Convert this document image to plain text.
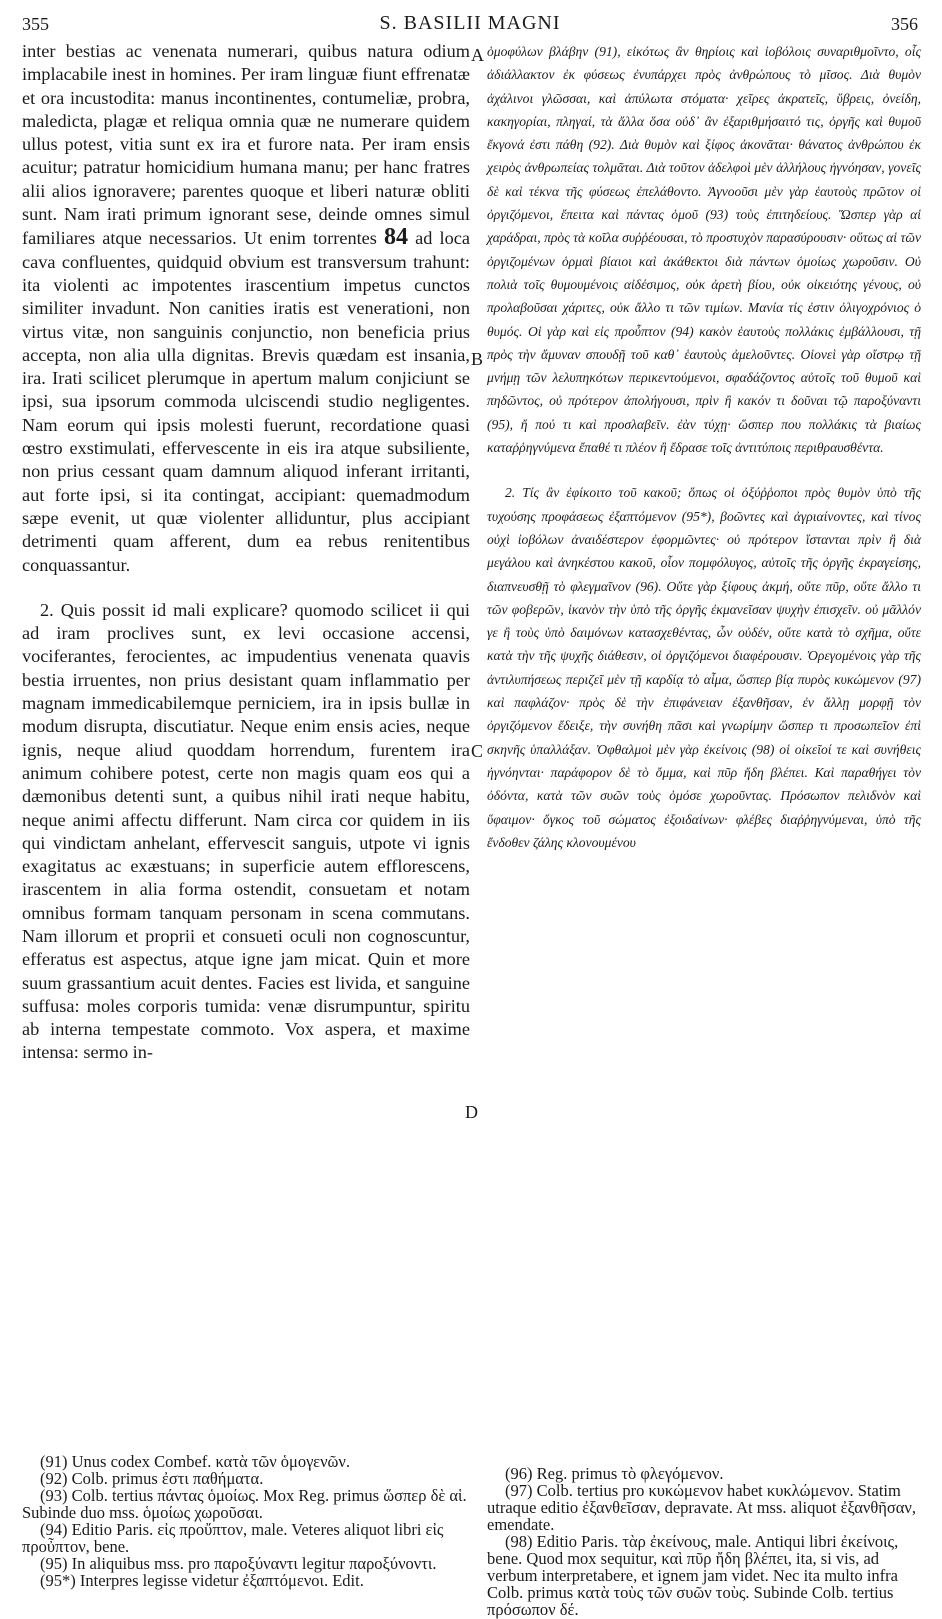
355	S. BASILII MAGNI	356
A
B
C
D

inter bestias ac venenata numerari, quibus natura odium implacabile inest in homines. Per iram linguæ fiunt effrenatæ et ora incustodita: manus incontinentes, contumeliæ, probra, maledicta, plagæ et reliqua omnia quæ ne numerare quidem ullus potest, vitia sunt ex ira et furore nata. Per iram ensis acuitur; patratur homicidium humana manu; per hanc fratres alii alios ignoravere; parentes quoque et liberi naturæ obliti sunt. Nam irati primum ignorant sese, deinde omnes simul familiares atque necessarios. Ut enim torrentes 84 ad loca cava confluentes, quidquid obvium est transversum trahunt: ita violenti ac impotentes irascentium impetus cunctos similiter invadunt. Non canities iratis est venerationi, non virtus vitæ, non sanguinis conjunctio, non beneficia prius accepta, non alia ulla dignitas. Brevis quædam est insania, ira. Irati scilicet plerumque in apertum malum conjiciunt se ipsi, sua ipsorum commoda ulciscendi studio negligentes. Nam eorum qui ipsis molesti fuerunt, recordatione quasi œstro exstimulati, effervescente in eis ira atque subsiliente, non prius cessant quam damnum aliquod inferant irritanti, aut forte ipsi, si ita contingat, accipiant: quemadmodum sæpe evenit, ut quæ violenter alliduntur, plus accipiant detrimenti quam afferent, dum ea rebus renitentibus conquassantur.

2. Quis possit id mali explicare? quomodo scilicet ii qui ad iram proclives sunt, ex levi occasione accensi, vociferantes, ferocientes, ac impudentius venenata quavis bestia irruentes, non prius desistant quam inflammatio per magnam immedicabilemque perniciem, ira in ipsis bullæ in modum disrupta, discutiatur. Neque enim ensis acies, neque ignis, neque aliud quoddam horrendum, furentem ira animum cohibere potest, certe non magis quam eos qui a dæmonibus detenti sunt, a quibus nihil irati neque habitu, neque animi affectu differunt. Nam circa cor quidem in iis qui vindictam anhelant, effervescit sanguis, utpote vi ignis exagitatus ac exæstuans; in superficie autem efflorescens, irascentem in alia forma ostendit, consuetam et notam omnibus formam tanquam personam in scena commutans. Nam illorum et proprii et consueti oculi non cognoscuntur, efferatus est aspectus, atque igne jam micat. Quin et more suum grassantium acuit dentes. Facies est livida, et sanguine suffusa: moles corporis tumida: venæ disrumpuntur, spiritu ab interna tempestate commoto. Vox aspera, et maxime intensa: sermo in-

ὁμοφύλων βλάβην (91), εἰκότως ἂν θηρίοις καὶ ἰοβόλοις συναριθμοῖντο, οἷς ἀδιάλλακτον ἐκ φύσεως ἐνυπάρχει πρὸς ἀνθρώπους τὸ μῖσος. Διὰ θυμὸν ἀχάλινοι γλῶσσαι, καὶ ἀπύλωτα στόματα· χεῖρες ἀκρατεῖς, ὕβρεις, ὀνείδη, κακηγορίαι, πληγαί, τὰ ἄλλα ὅσα οὐδ᾽ ἂν ἐξαριθμήσαιτό τις, ὀργῆς καὶ θυμοῦ ἔκγονά ἐστι πάθη (92). Διὰ θυμὸν καὶ ξίφος ἀκονᾶται· θάνατος ἀνθρώπου ἐκ χειρὸς ἀνθρωπείας τολμᾶται. Διὰ τοῦτον ἀδελφοὶ μὲν ἀλλήλους ἠγνόησαν, γονεῖς δὲ καὶ τέκνα τῆς φύσεως ἐπελάθοντο. Ἀγνοοῦσι μὲν γὰρ ἑαυτοὺς πρῶτον οἱ ὀργιζόμενοι, ἔπειτα καὶ πάντας ὁμοῦ (93) τοὺς ἐπιτηδείους. Ὥσπερ γὰρ αἱ χαράδραι, πρὸς τὰ κοῖλα συῤῥέουσαι, τὸ προστυχὸν παρασύρουσιν· οὕτως αἱ τῶν ὀργιζομένων ὁρμαὶ βίαιοι καὶ ἀκάθεκτοι διὰ πάντων ὁμοίως χωροῦσιν. Οὐ πολιὰ τοῖς θυμουμένοις αἰδέσιμος, οὐκ ἀρετὴ βίου, οὐκ οἰκειότης γένους, οὐ προλαβοῦσαι χάριτες, οὐκ ἄλλο τι τῶν τιμίων. Μανία τίς ἐστιν ὀλιγοχρόνιος ὁ θυμός. Οἱ γὰρ καὶ εἰς προὖπτον (94) κακὸν ἑαυτοὺς πολλάκις ἐμβάλλουσι, τῇ πρὸς τὴν ἄμυναν σπουδῇ τοῦ καθ᾽ ἑαυτοὺς ἀμελοῦντες. Οἱονεὶ γὰρ οἴστρῳ τῇ μνήμῃ τῶν λελυπηκότων περικεντούμενοι, σφαδάζοντος αὐτοῖς τοῦ θυμοῦ καὶ πηδῶντος, οὐ πρότερον ἀπολήγουσι, πρὶν ἢ κακόν τι δοῦναι τῷ παροξύναντι (95), ἤ πού τι καὶ προσλαβεῖν. ἐὰν τύχῃ· ὥσπερ που πολλάκις τὰ βιαίως καταῤῥηγνύμενα ἔπαθέ τι πλέον ἢ ἔδρασε τοῖς ἀντιτύποις περιθραυσθέντα.

2. Τίς ἂν ἐφίκοιτο τοῦ κακοῦ; ὅπως οἱ ὀξύῤῥοποι πρὸς θυμὸν ὑπὸ τῆς τυχούσης προφάσεως ἐξαπτόμενον (95*), βοῶντες καὶ ἀγριαίνοντες, καὶ τίνος οὐχὶ ἰοβόλων ἀναιδέστερον ἐφορμῶντες· οὐ πρότερον ἵστανται πρὶν ἢ διὰ μεγάλου καὶ ἀνηκέστου κακοῦ, οἷον πομφόλυγος, αὐτοῖς τῆς ὀργῆς ἐκραγείσης, διαπνευσθῇ τὸ φλεγμαῖνον (96). Οὔτε γὰρ ξίφους ἀκμή, οὔτε πῦρ, οὔτε ἄλλο τι τῶν φοβερῶν, ἱκανὸν τὴν ὑπὸ τῆς ὀργῆς ἐκμανεῖσαν ψυχὴν ἐπισχεῖν. οὐ μᾶλλόν γε ἢ τοὺς ὑπὸ δαιμόνων κατασχεθέντας, ὧν οὐδέν, οὔτε κατὰ τὸ σχῆμα, οὔτε κατὰ τὴν τῆς ψυχῆς διάθεσιν, οἱ ὀργιζόμενοι διαφέρουσιν. Ὀρεγομένοις γὰρ τῆς ἀντιλυπήσεως περιζεῖ μὲν τῇ καρδίᾳ τὸ αἷμα, ὥσπερ βίᾳ πυρὸς κυκώμενον (97) καὶ παφλάζον· πρὸς δὲ τὴν ἐπιφάνειαν ἐξανθῆσαν, ἐν ἄλλῃ μορφῇ τὸν ὀργιζόμενον ἔδειξε, τὴν συνήθη πᾶσι καὶ γνωρίμην ὥσπερ τι προσωπεῖον ἐπὶ σκηνῆς ὑπαλλάξαν. Ὀφθαλμοὶ μὲν γὰρ ἐκείνοις (98) οἱ οἰκεῖοί τε καὶ συνήθεις ἠγνόηνται· παράφορον δὲ τὸ ὄμμα, καὶ πῦρ ἤδη βλέπει. Καὶ παραθήγει τὸν ὀδόντα, κατὰ τῶν συῶν τοὺς ὁμόσε χωροῦντας. Πρόσωπον πελιδνὸν καὶ ὕφαιμον· ὄγκος τοῦ σώματος ἐξοιδαίνων· φλέβες διαῤῥηγνύμεναι, ὑπὸ τῆς ἔνδοθεν ζάλης κλονουμένου

(91) Unus codex Combef. κατὰ τῶν ὁμογενῶν.

(92) Colb. primus ἐστι παθήματα.

(93) Colb. tertius πάντας ὁμοίως. Mox Reg. primus ὥσπερ δὲ αἱ. Subinde duo mss. ὁμοίως χωροῦσαι.

(94) Editio Paris. εἰς προὔπτον, male. Veteres aliquot libri εἰς προὖπτον, bene.

(95) In aliquibus mss. pro παροξύναντι legitur παροξύνοντι.

(95*) Interpres legisse videtur ἐξαπτόμενοι. Edit.

(96) Reg. primus τὸ φλεγόμενον.

(97) Colb. tertius pro κυκώμενον habet κυκλώμενον. Statim utraque editio ἐξανθεῖσαν, depravate. At mss. aliquot ἐξανθῆσαν, emendate.

(98) Editio Paris. τὰρ ἐκείνους, male. Antiqui libri ἐκείνοις, bene. Quod mox sequitur, καὶ πῦρ ἤδη βλέπει, ita, si vis, ad verbum interpretabere, et ignem jam videt. Nec ita multo infra Colb. primus κατὰ τοὺς τῶν συῶν τοὺς. Subinde Colb. tertius πρόσωπον δέ.
